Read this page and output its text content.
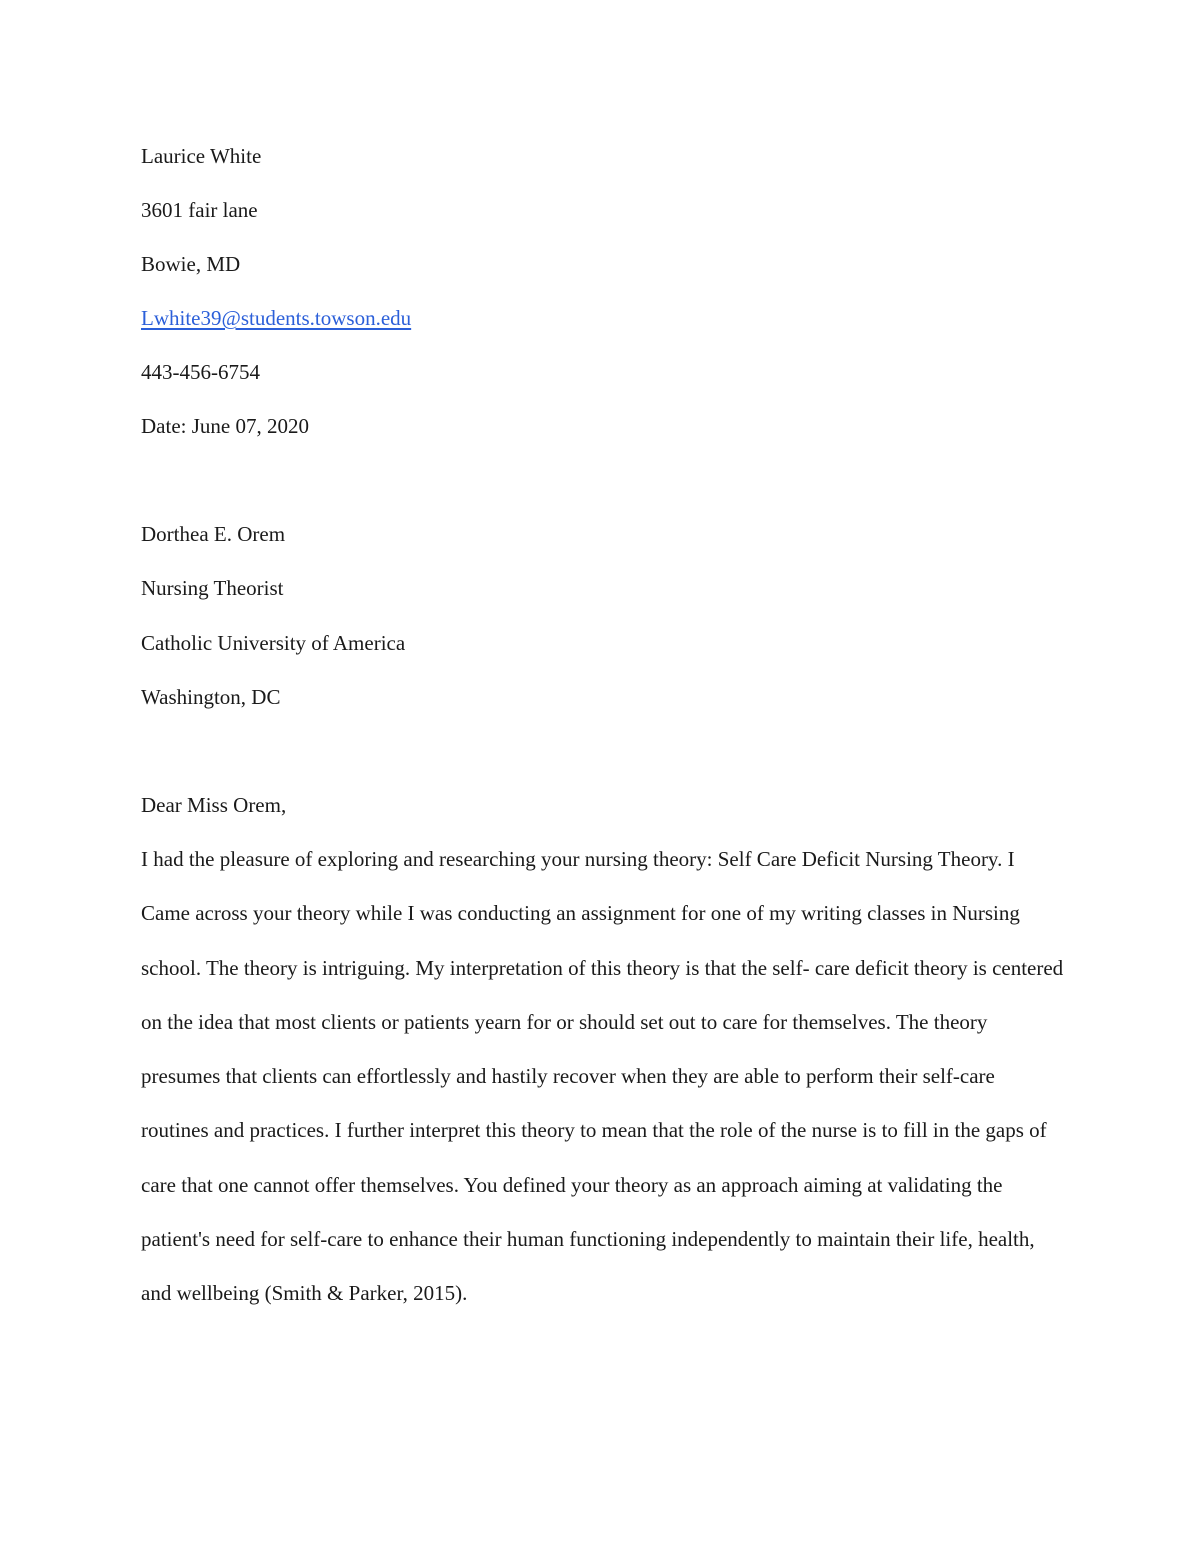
Laurice White
3601 fair lane
Bowie, MD
Lwhite39@students.towson.edu
443-456-6754
Date: June 07, 2020
Dorthea E. Orem
Nursing Theorist
Catholic University of America
Washington, DC
Dear Miss Orem,
I had the pleasure of exploring and researching your nursing theory: Self Care Deficit Nursing Theory. I Came across your theory while I was conducting an assignment for one of my writing classes in Nursing school. The theory is intriguing. My interpretation of this theory is that the self- care deficit theory is centered on the idea that most clients or patients yearn for or should set out to care for themselves. The theory presumes that clients can effortlessly and hastily recover when they are able to perform their self-care routines and practices. I further interpret this theory to mean that the role of the nurse is to fill in the gaps of care that one cannot offer themselves. You defined your theory as an approach aiming at validating the patient's need for self-care to enhance their human functioning independently to maintain their life, health, and wellbeing (Smith & Parker, 2015).
